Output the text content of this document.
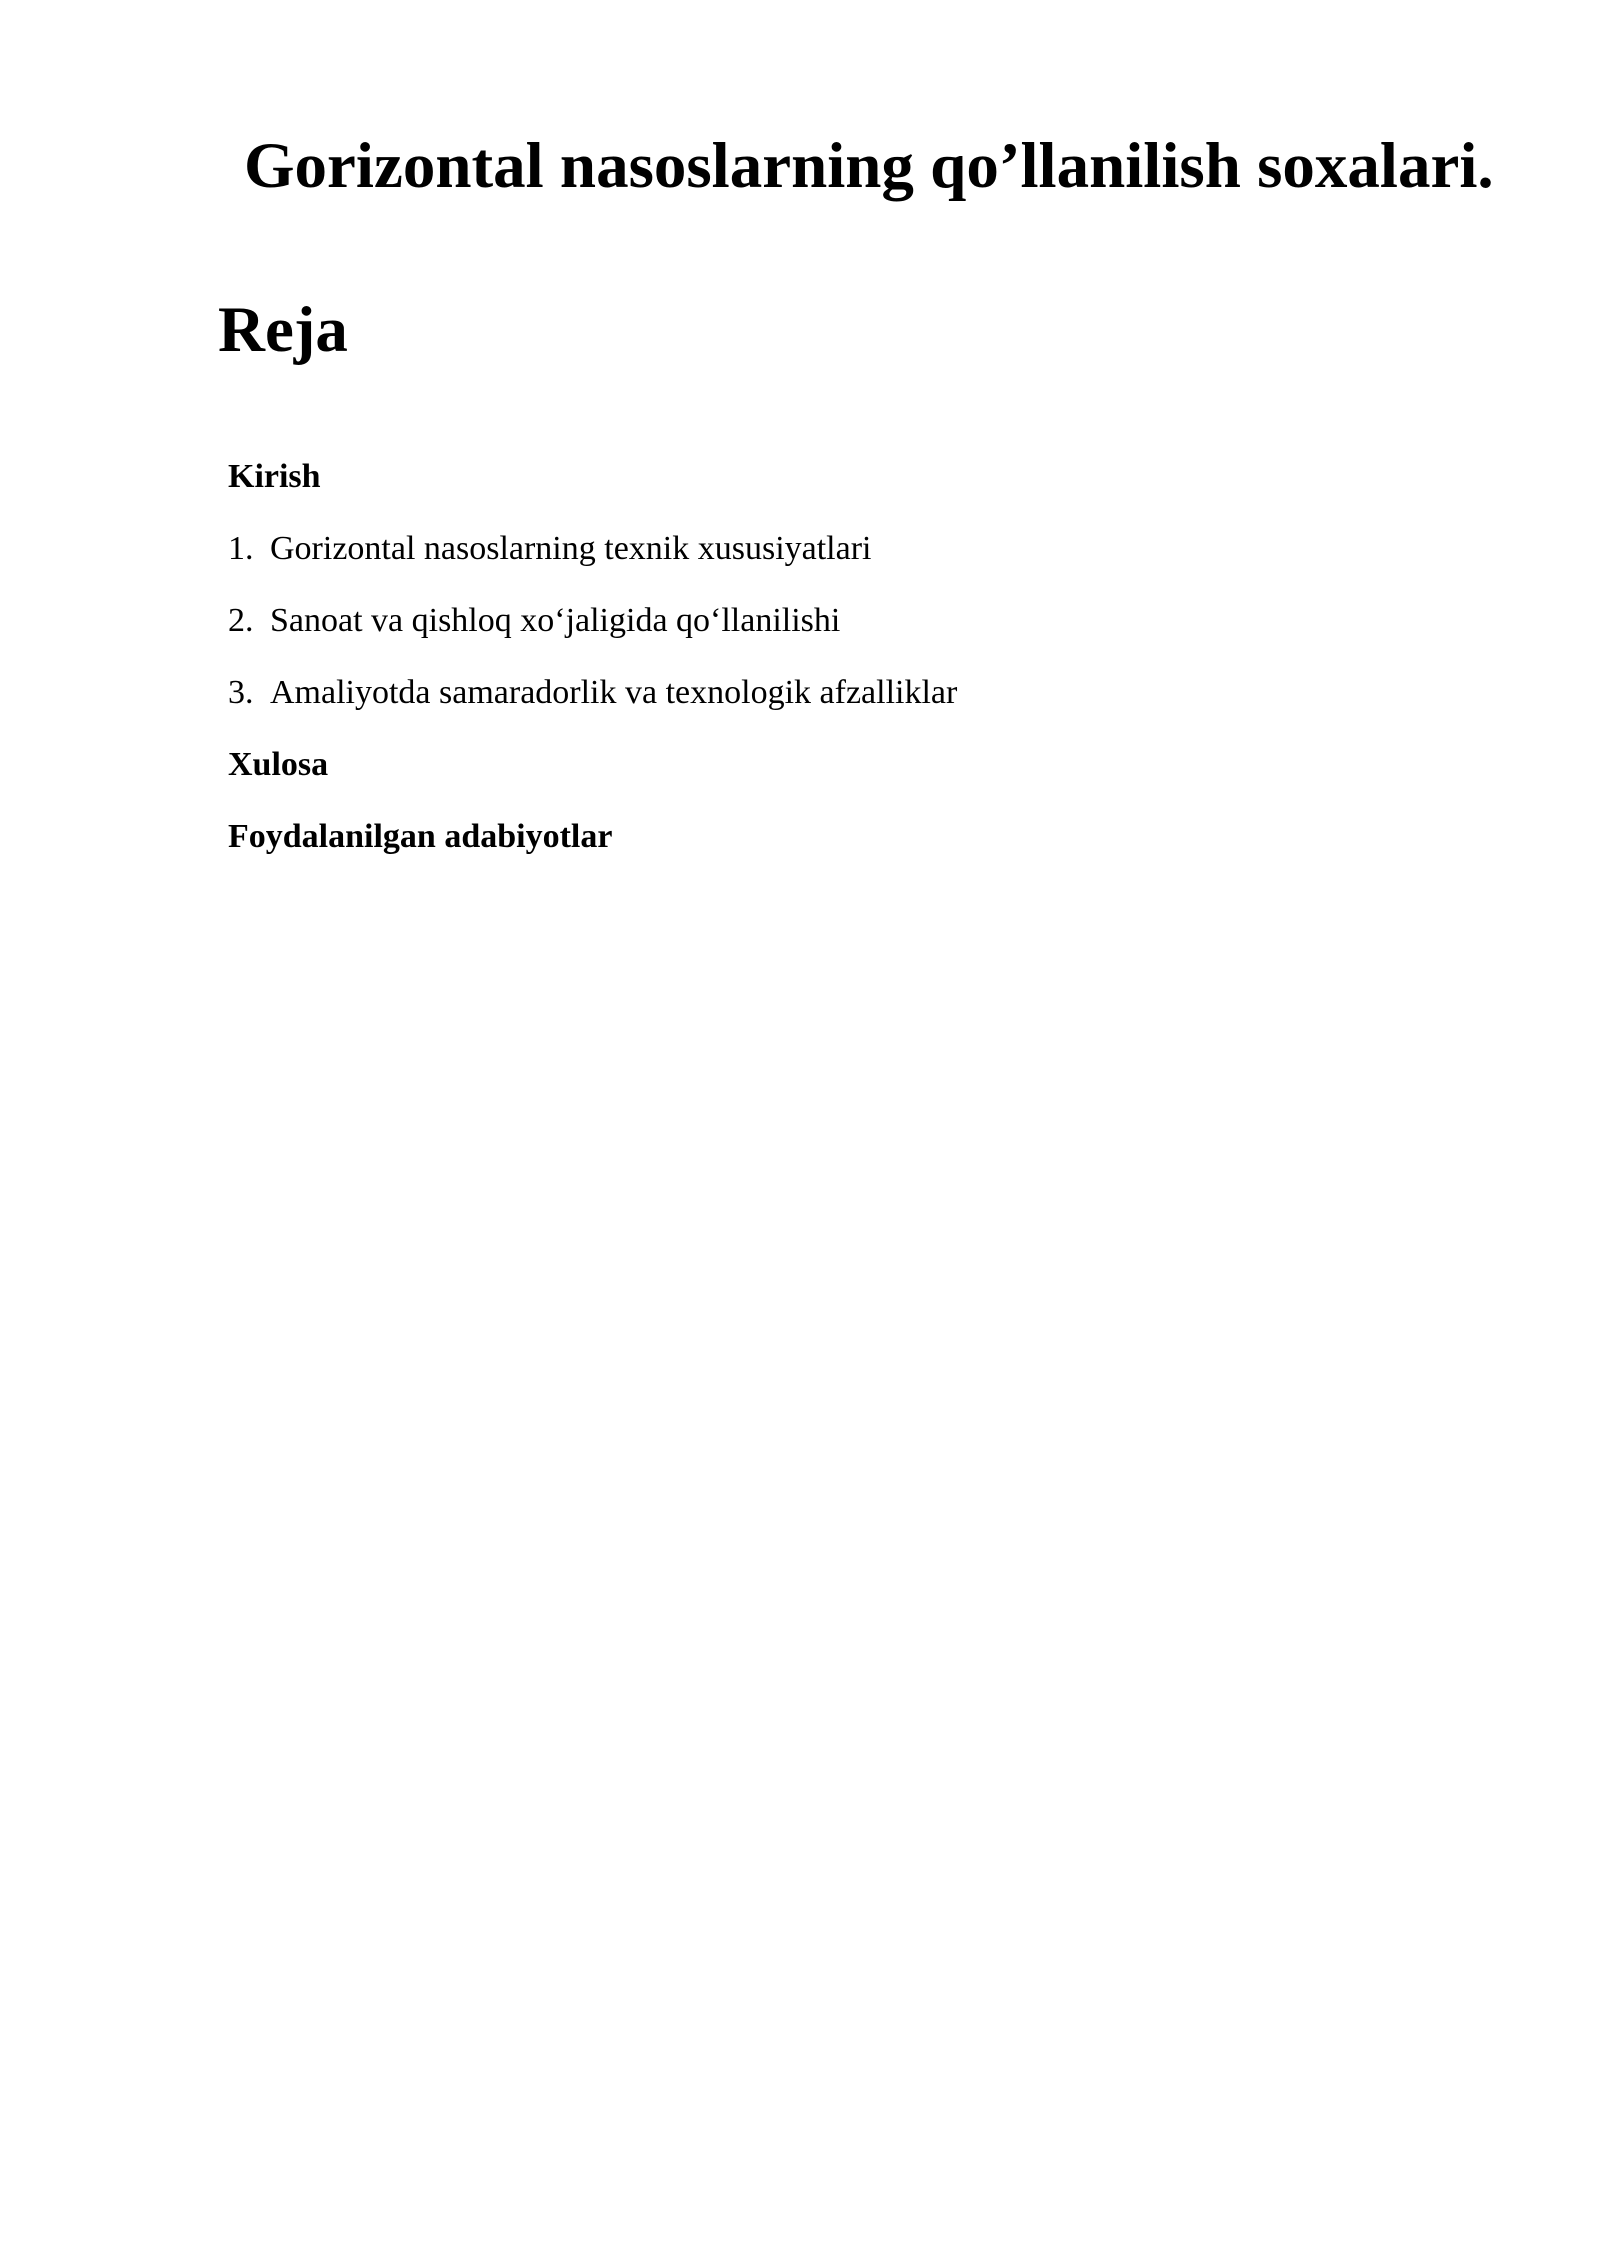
Gorizontal nasoslarning qo’llanilish soxalari.
Reja
Kirish
1. Gorizontal nasoslarning texnik xususiyatlari
2. Sanoat va qishloq xo‘jaligida qo‘llanilishi
3. Amaliyotda samaradorlik va texnologik afzalliklar
Xulosa
Foydalanilgan adabiyotlar
